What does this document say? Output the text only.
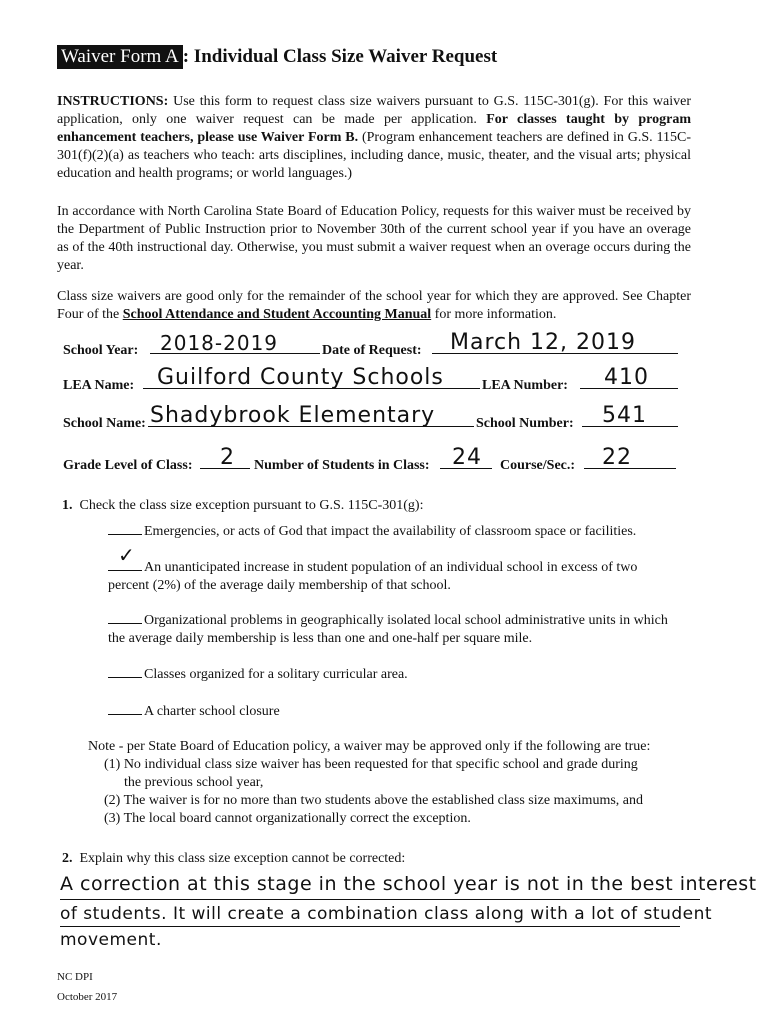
Waiver Form A : Individual Class Size Waiver Request
INSTRUCTIONS: Use this form to request class size waivers pursuant to G.S. 115C-301(g). For this waiver application, only one waiver request can be made per application. For classes taught by program enhancement teachers, please use Waiver Form B. (Program enhancement teachers are defined in G.S. 115C-301(f)(2)(a) as teachers who teach: arts disciplines, including dance, music, theater, and the visual arts; physical education and health programs; or world languages.)
In accordance with North Carolina State Board of Education Policy, requests for this waiver must be received by the Department of Public Instruction prior to November 30th of the current school year if you have an overage as of the 40th instructional day. Otherwise, you must submit a waiver request when an overage occurs during the year.
Class size waivers are good only for the remainder of the school year for which they are approved. See Chapter Four of the School Attendance and Student Accounting Manual for more information.
School Year: 2018-2019	Date of Request: March 12, 2019
LEA Name: Guilford County Schools	LEA Number: 410
School Name: Shadybrook Elementary	School Number: 541
Grade Level of Class: 2 Number of Students in Class: 24 Course/Sec.: 22
1. Check the class size exception pursuant to G.S. 115C-301(g):
Emergencies, or acts of God that impact the availability of classroom space or facilities.
✓
An unanticipated increase in student population of an individual school in excess of two percent (2%) of the average daily membership of that school.
Organizational problems in geographically isolated local school administrative units in which the average daily membership is less than one and one-half per square mile.
Classes organized for a solitary curricular area.
A charter school closure
Note - per State Board of Education policy, a waiver may be approved only if the following are true:
(1) No individual class size waiver has been requested for that specific school and grade during
the previous school year,
(2) The waiver is for no more than two students above the established class size maximums, and
(3) The local board cannot organizationally correct the exception.
2. Explain why this class size exception cannot be corrected:
A correction at this stage in the school year is not in the best interest
of students. It will create a combination class along with a lot of student
movement.
NC DPI
October 2017
